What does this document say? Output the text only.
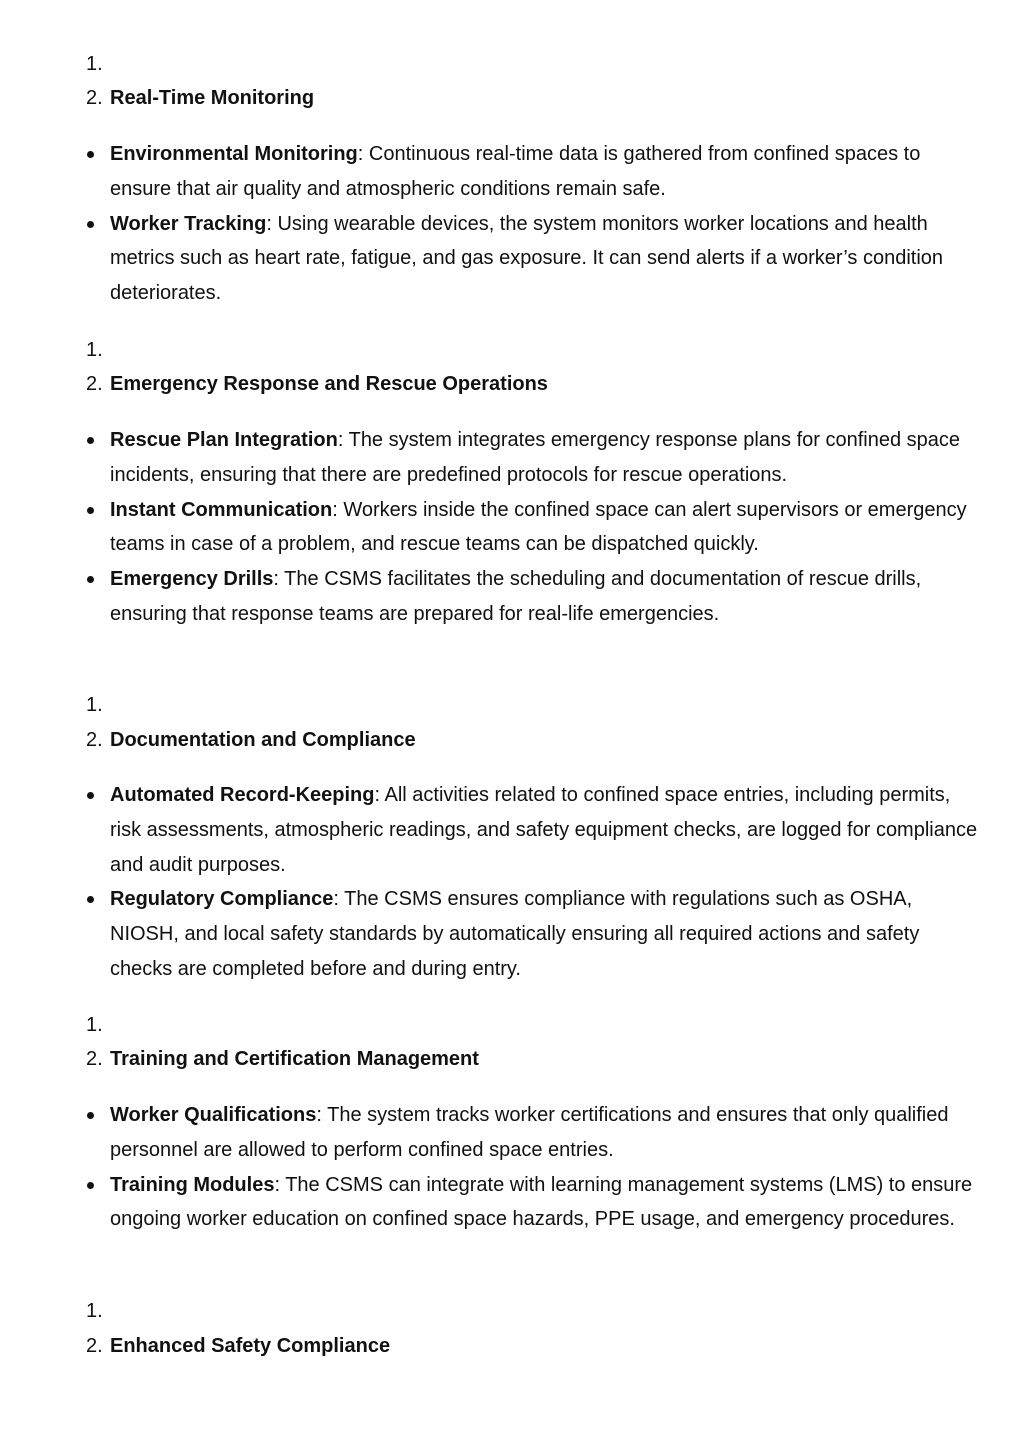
1.
2. Real-Time Monitoring
Environmental Monitoring: Continuous real-time data is gathered from confined spaces to ensure that air quality and atmospheric conditions remain safe.
Worker Tracking: Using wearable devices, the system monitors worker locations and health metrics such as heart rate, fatigue, and gas exposure. It can send alerts if a worker’s condition deteriorates.
1.
2. Emergency Response and Rescue Operations
Rescue Plan Integration: The system integrates emergency response plans for confined space incidents, ensuring that there are predefined protocols for rescue operations.
Instant Communication: Workers inside the confined space can alert supervisors or emergency teams in case of a problem, and rescue teams can be dispatched quickly.
Emergency Drills: The CSMS facilitates the scheduling and documentation of rescue drills, ensuring that response teams are prepared for real-life emergencies.
1.
2. Documentation and Compliance
Automated Record-Keeping: All activities related to confined space entries, including permits, risk assessments, atmospheric readings, and safety equipment checks, are logged for compliance and audit purposes.
Regulatory Compliance: The CSMS ensures compliance with regulations such as OSHA, NIOSH, and local safety standards by automatically ensuring all required actions and safety checks are completed before and during entry.
1.
2. Training and Certification Management
Worker Qualifications: The system tracks worker certifications and ensures that only qualified personnel are allowed to perform confined space entries.
Training Modules: The CSMS can integrate with learning management systems (LMS) to ensure ongoing worker education on confined space hazards, PPE usage, and emergency procedures.
1.
2. Enhanced Safety Compliance
